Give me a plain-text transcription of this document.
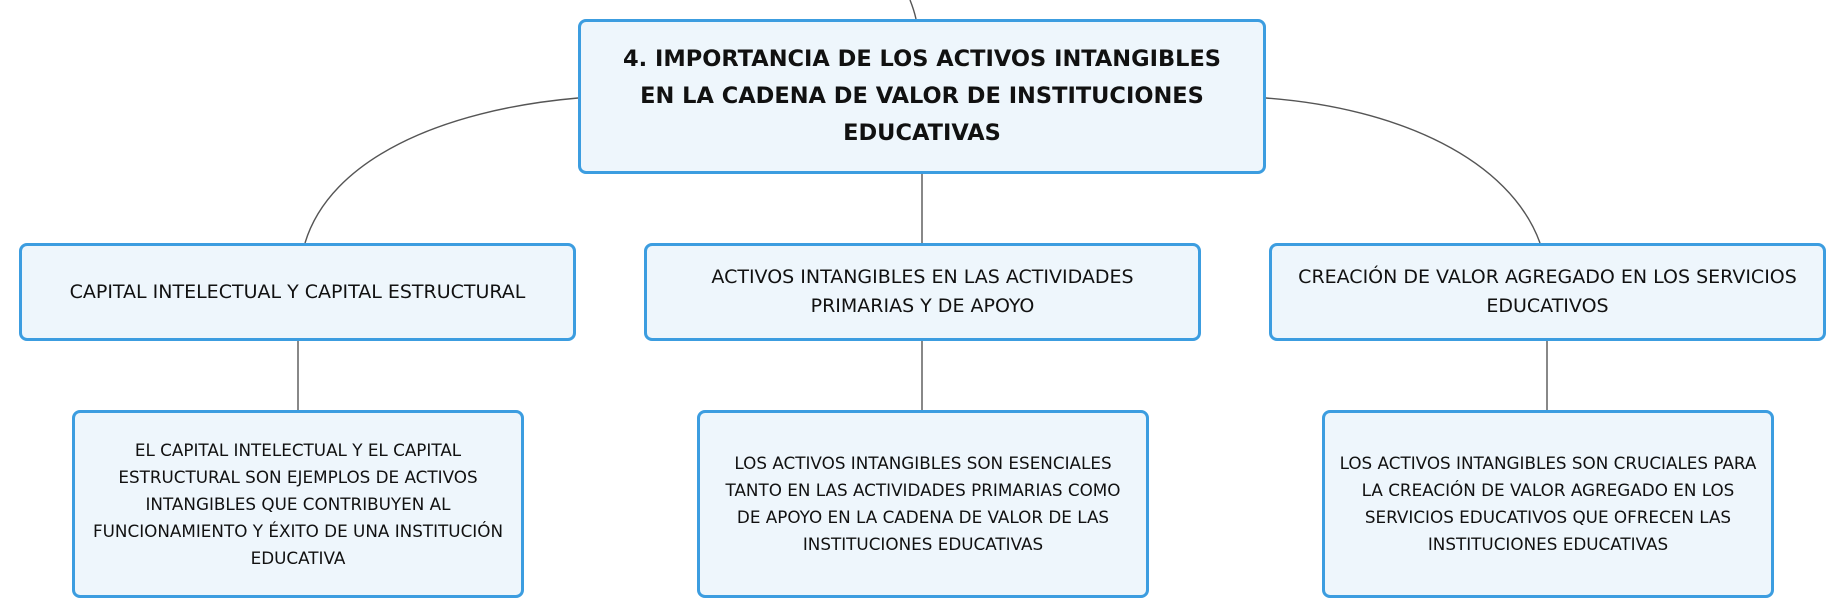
4. IMPORTANCIA DE LOS ACTIVOS INTANGIBLES EN LA CADENA DE VALOR DE INSTITUCIONES EDUCATIVAS
CAPITAL INTELECTUAL Y CAPITAL ESTRUCTURAL
ACTIVOS INTANGIBLES EN LAS ACTIVIDADES PRIMARIAS Y DE APOYO
CREACIÓN DE VALOR AGREGADO EN LOS SERVICIOS EDUCATIVOS
EL CAPITAL INTELECTUAL Y EL CAPITAL ESTRUCTURAL SON EJEMPLOS DE ACTIVOS INTANGIBLES QUE CONTRIBUYEN AL FUNCIONAMIENTO Y ÉXITO DE UNA INSTITUCIÓN EDUCATIVA
LOS ACTIVOS INTANGIBLES SON ESENCIALES TANTO EN LAS ACTIVIDADES PRIMARIAS COMO DE APOYO EN LA CADENA DE VALOR DE LAS INSTITUCIONES EDUCATIVAS
LOS ACTIVOS INTANGIBLES SON CRUCIALES PARA LA CREACIÓN DE VALOR AGREGADO EN LOS SERVICIOS EDUCATIVOS QUE OFRECEN LAS INSTITUCIONES EDUCATIVAS
